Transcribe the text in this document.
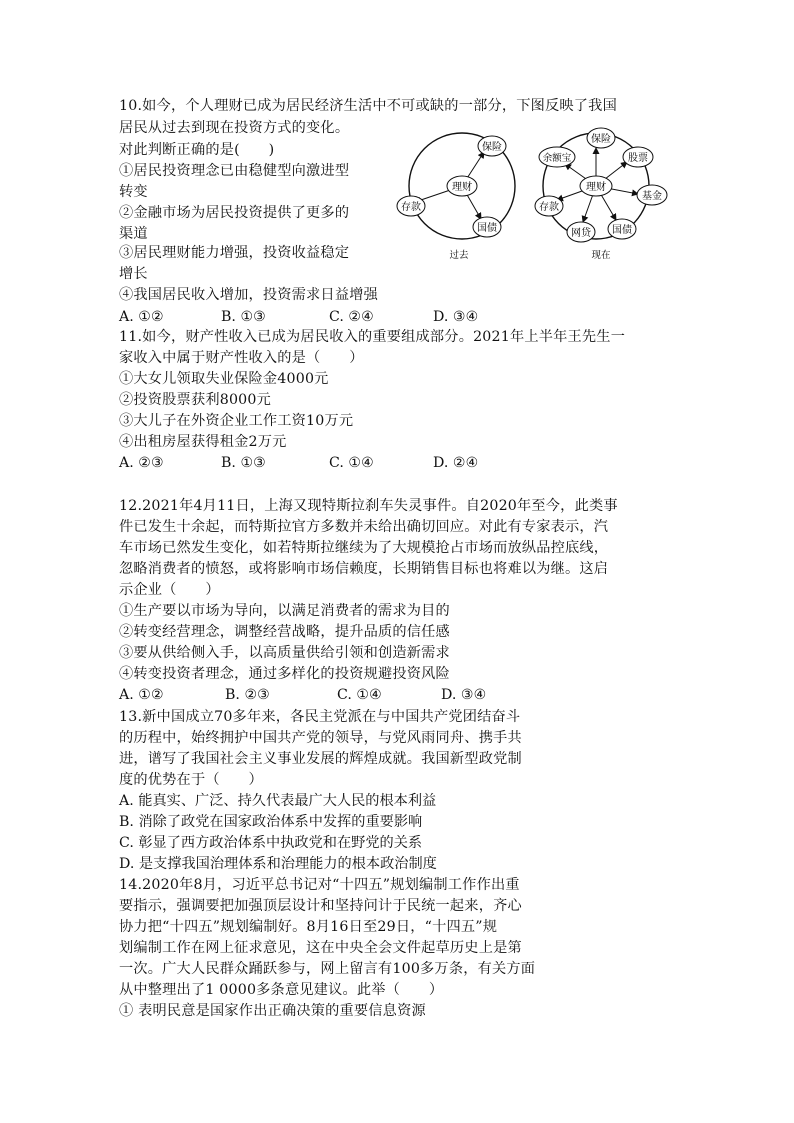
10.如今，个人理财已成为居民经济生活中不可或缺的一部分，下图反映了我国
居民从过去到现在投资方式的变化。
对此判断正确的是(　　)
①居民投资理念已由稳健型向激进型
转变
②金融市场为居民投资提供了更多的
渠道
③居民理财能力增强，投资收益稳定
增长
④我国居民收入增加，投资需求日益增强
A. ①②	B. ①③	C. ②④	D. ③④
理财
保险
存款
国债
过去
理财
保险
股票
基金
国债
网贷
存款
余额宝
现在
11.如今，财产性收入已成为居民收入的重要组成部分。2021年上半年王先生一
家收入中属于财产性收入的是（　　）
①大女儿领取失业保险金4000元
②投资股票获利8000元
③大儿子在外资企业工作工资10万元
④出租房屋获得租金2万元
A. ②③	B. ①③	C. ①④	D. ②④
12.2021年4月11日，上海又现特斯拉刹车失灵事件。自2020年至今，此类事
件已发生十余起，而特斯拉官方多数并未给出确切回应。对此有专家表示，汽
车市场已然发生变化，如若特斯拉继续为了大规模抢占市场而放纵品控底线，
忽略消费者的愤怒，或将影响市场信赖度，长期销售目标也将难以为继。这启
示企业（　　）
①生产要以市场为导向，以满足消费者的需求为目的
②转变经营理念，调整经营战略，提升品质的信任感
③要从供给侧入手，以高质量供给引领和创造新需求
④转变投资者理念，通过多样化的投资规避投资风险
A. ①②	B. ②③	C. ①④	D. ③④
13.新中国成立70多年来，各民主党派在与中国共产党团结奋斗
的历程中，始终拥护中国共产党的领导，与党风雨同舟、携手共
进，谱写了我国社会主义事业发展的辉煌成就。我国新型政党制
度的优势在于（　　）
A. 能真实、广泛、持久代表最广大人民的根本利益
B. 消除了政党在国家政治体系中发挥的重要影响
C. 彰显了西方政治体系中执政党和在野党的关系
D. 是支撑我国治理体系和治理能力的根本政治制度
14.2020年8月，习近平总书记对“十四五”规划编制工作作出重
要指示，强调要把加强顶层设计和坚持问计于民统一起来，齐心
协力把“十四五”规划编制好。8月16日至29日，“十四五”规
划编制工作在网上征求意见，这在中央全会文件起草历史上是第
一次。广大人民群众踊跃参与，网上留言有100多万条，有关方面
从中整理出了1 0000多条意见建议。此举（　　）
① 表明民意是国家作出正确决策的重要信息资源
